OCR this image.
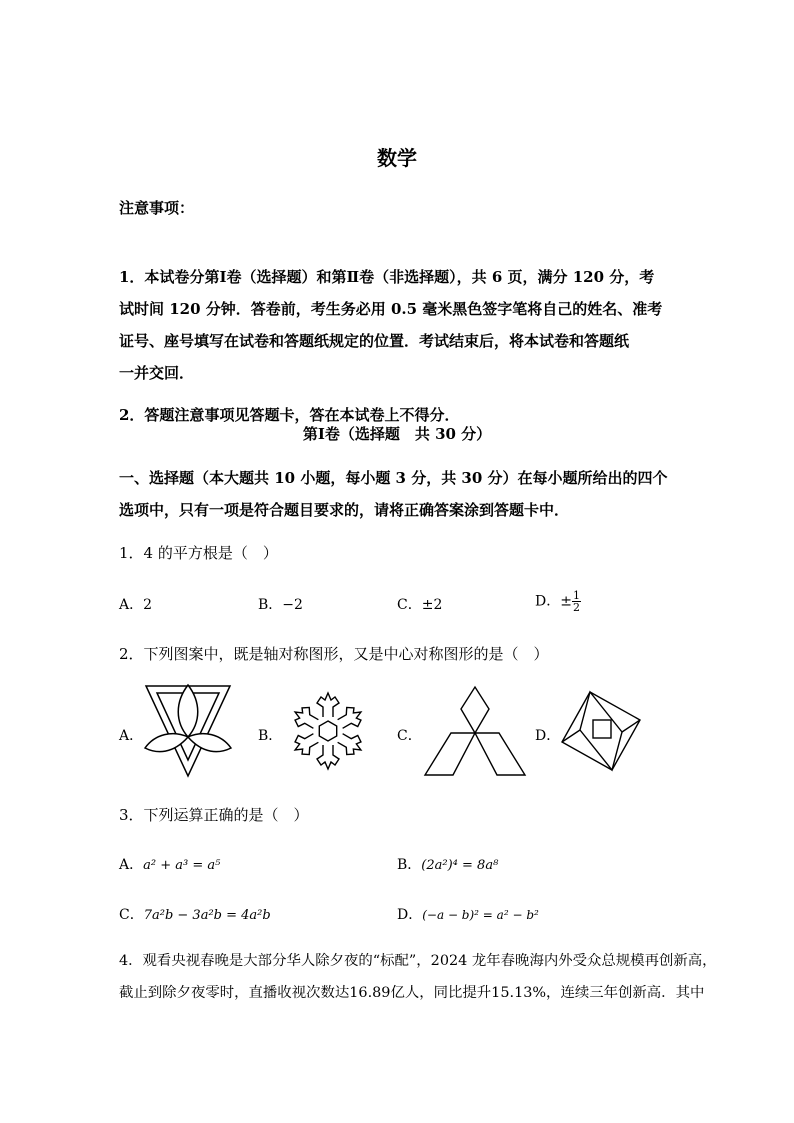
数学
注意事项：
1．本试卷分第Ⅰ卷（选择题）和第Ⅱ卷（非选择题），共 6 页，满分 120 分，考
试时间 120 分钟．答卷前，考生务必用 0.5 毫米黑色签字笔将自己的姓名、准考
证号、座号填写在试卷和答题纸规定的位置．考试结束后，将本试卷和答题纸
一并交回．
2．答题注意事项见答题卡，答在本试卷上不得分．
第Ⅰ卷（选择题　共 30 分）
一、选择题（本大题共 10 小题，每小题 3 分，共 30 分）在每小题所给出的四个
选项中，只有一项是符合题目要求的，请将正确答案涂到答题卡中．
1．4 的平方根是（　）
A．2	B．−2	C．±2	D．± $\frac{1}{2}$
2．下列图案中，既是轴对称图形，又是中心对称图形的是（　）
A．	B．	C．	D．
3．下列运算正确的是（　）
A．a² + a³ = a⁵	B．(2a²)⁴ = 8a⁸
C．7a²b − 3a²b = 4a²b	D．(−a − b)² = a² − b²
4．观看央视春晚是大部分华人除夕夜的“标配”，2024 龙年春晚海内外受众总规模再创新高，
截止到除夕夜零时，直播收视次数达16.89亿人，同比提升15.13%，连续三年创新高．其中
